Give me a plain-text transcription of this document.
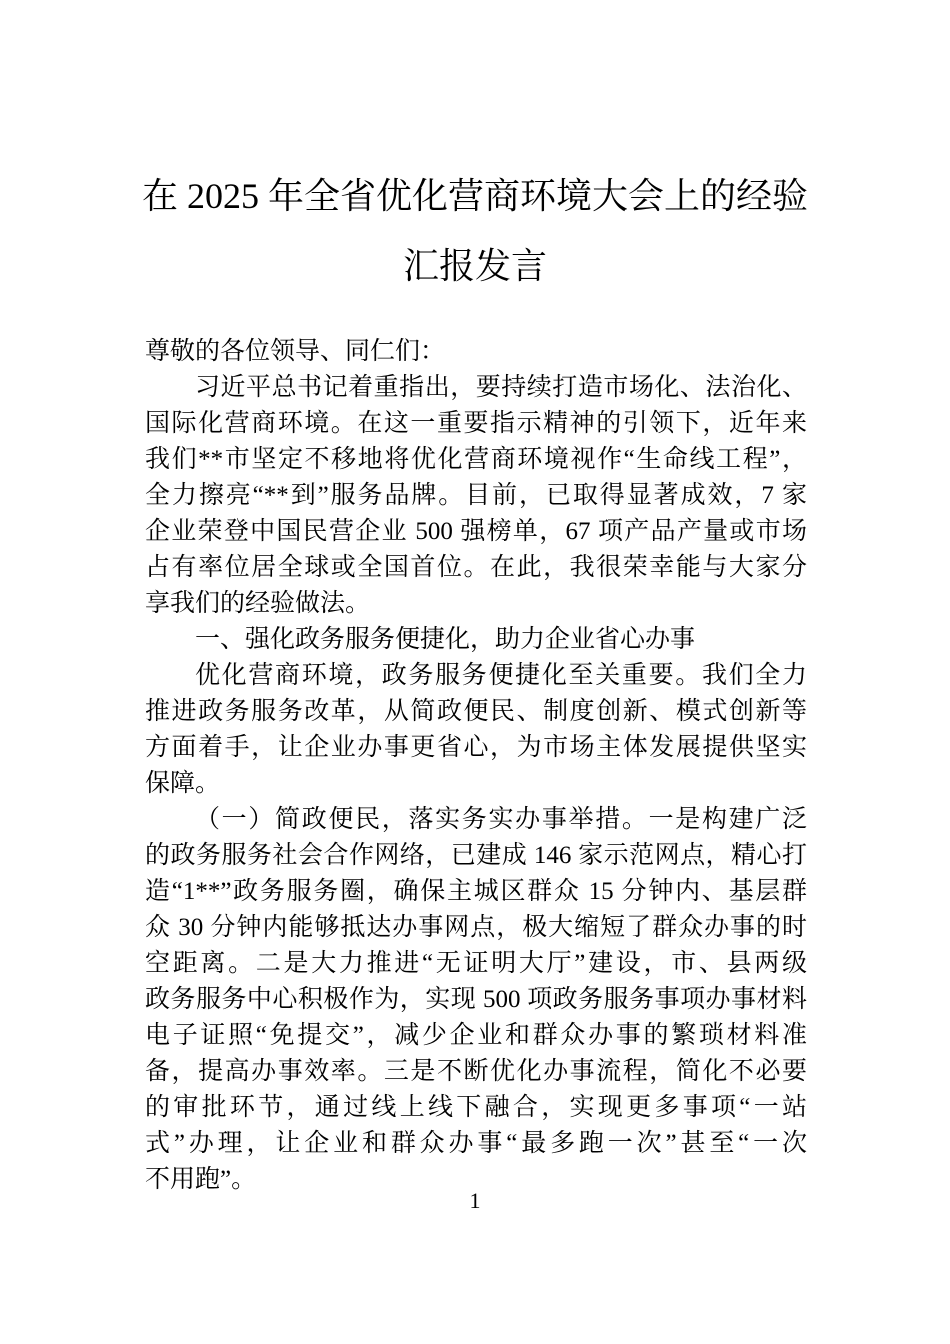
在 2025 年全省优化营商环境大会上的经验
汇报发言
尊敬的各位领导、同仁们：
习近平总书记着重指出，要持续打造市场化、法治化、
国际化营商环境。在这一重要指示精神的引领下，近年来
我们**市坚定不移地将优化营商环境视作“生命线工程”，
全力擦亮“**到”服务品牌。目前，已取得显著成效，7 家
企业荣登中国民营企业 500 强榜单，67 项产品产量或市场
占有率位居全球或全国首位。在此，我很荣幸能与大家分
享我们的经验做法。
一、强化政务服务便捷化，助力企业省心办事
优化营商环境，政务服务便捷化至关重要。我们全力
推进政务服务改革，从简政便民、制度创新、模式创新等
方面着手，让企业办事更省心，为市场主体发展提供坚实
保障。
（一）简政便民，落实务实办事举措。一是构建广泛
的政务服务社会合作网络，已建成 146 家示范网点，精心打
造“1**”政务服务圈，确保主城区群众 15 分钟内、基层群
众 30 分钟内能够抵达办事网点，极大缩短了群众办事的时
空距离。二是大力推进“无证明大厅”建设，市、县两级
政务服务中心积极作为，实现 500 项政务服务事项办事材料
电子证照“免提交”，减少企业和群众办事的繁琐材料准
备，提高办事效率。三是不断优化办事流程，简化不必要
的审批环节，通过线上线下融合，实现更多事项“一站
式”办理，让企业和群众办事“最多跑一次”甚至“一次
不用跑”。
1
